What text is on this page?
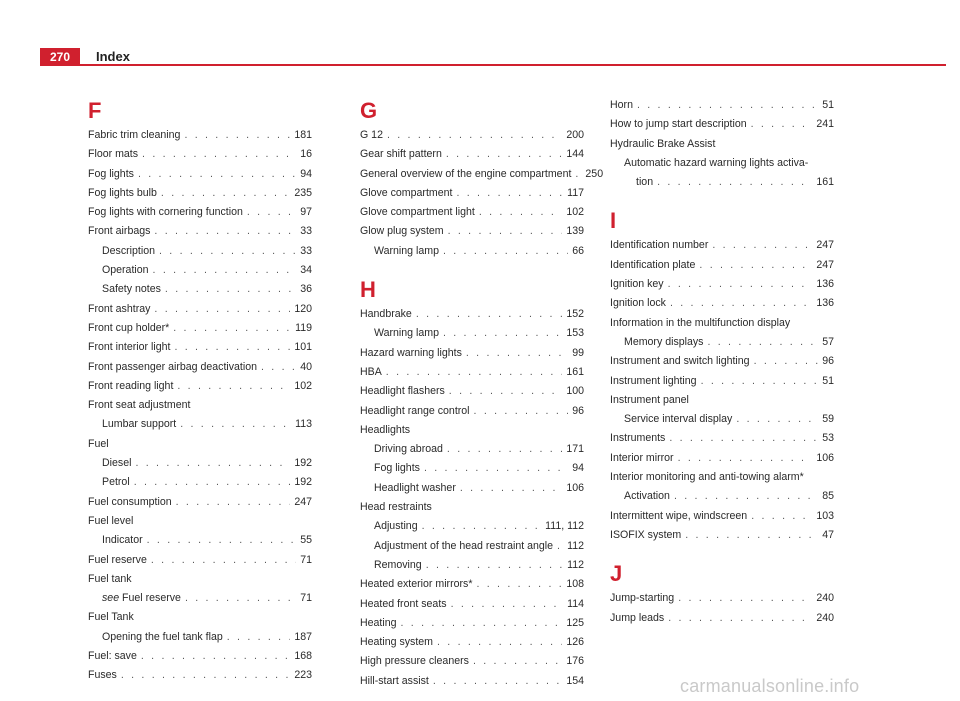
270	Index
F
Fabric trim cleaning . . .	181
Floor mats . . .	16
Fog lights . . .	94
Fog lights bulb . . .	235
Fog lights with cornering function . . .	97
Front airbags . . .	33
Description . . .	33
Operation . . .	34
Safety notes . . .	36
Front ashtray . . .	120
Front cup holder* . . .	119
Front interior light . . .	101
Front passenger airbag deactivation . . .	40
Front reading light . . .	102
Front seat adjustment
Lumbar support . . .	113
Fuel
Diesel . . .	192
Petrol . . .	192
Fuel consumption . . .	247
Fuel level
Indicator . . .	55
Fuel reserve . . .	71
Fuel tank
see Fuel reserve . . .	71
Fuel Tank
Opening the fuel tank flap . . .	187
Fuel: save . . .	168
Fuses . . .	223
G
G 12 . . .	200
Gear shift pattern . . .	144
General overview of the engine compartment . . . 250
Glove compartment . . .	117
Glove compartment light . . .	102
Glow plug system . . .	139
Warning lamp . . .	66
H
Handbrake . . .	152
Warning lamp . . .	153
Hazard warning lights . . .	99
HBA . . .	161
Headlight flashers . . .	100
Headlight range control . . .	96
Headlights
Driving abroad . . .	171
Fog lights . . .	94
Headlight washer . . .	106
Head restraints
Adjusting . . .	111, 112
Adjustment of the head restraint angle . . . 112
Removing . . .	112
Heated exterior mirrors* . . .	108
Heated front seats . . .	114
Heating . . .	125
Heating system . . .	126
High pressure cleaners . . .	176
Hill-start assist . . .	154
Horn . . .	51
How to jump start description . . .	241
Hydraulic Brake Assist
Automatic hazard warning lights activa-
tion . . .	161
I
Identification number . . .	247
Identification plate . . .	247
Ignition key . . .	136
Ignition lock . . .	136
Information in the multifunction display
Memory displays . . .	57
Instrument and switch lighting . . .	96
Instrument lighting . . .	51
Instrument panel
Service interval display . . .	59
Instruments . . .	53
Interior mirror . . .	106
Interior monitoring and anti-towing alarm*
Activation . . .	85
Intermittent wipe, windscreen . . .	103
ISOFIX system . . .	47
J
Jump-starting . . .	240
Jump leads . . .	240
carmanualsonline.info
